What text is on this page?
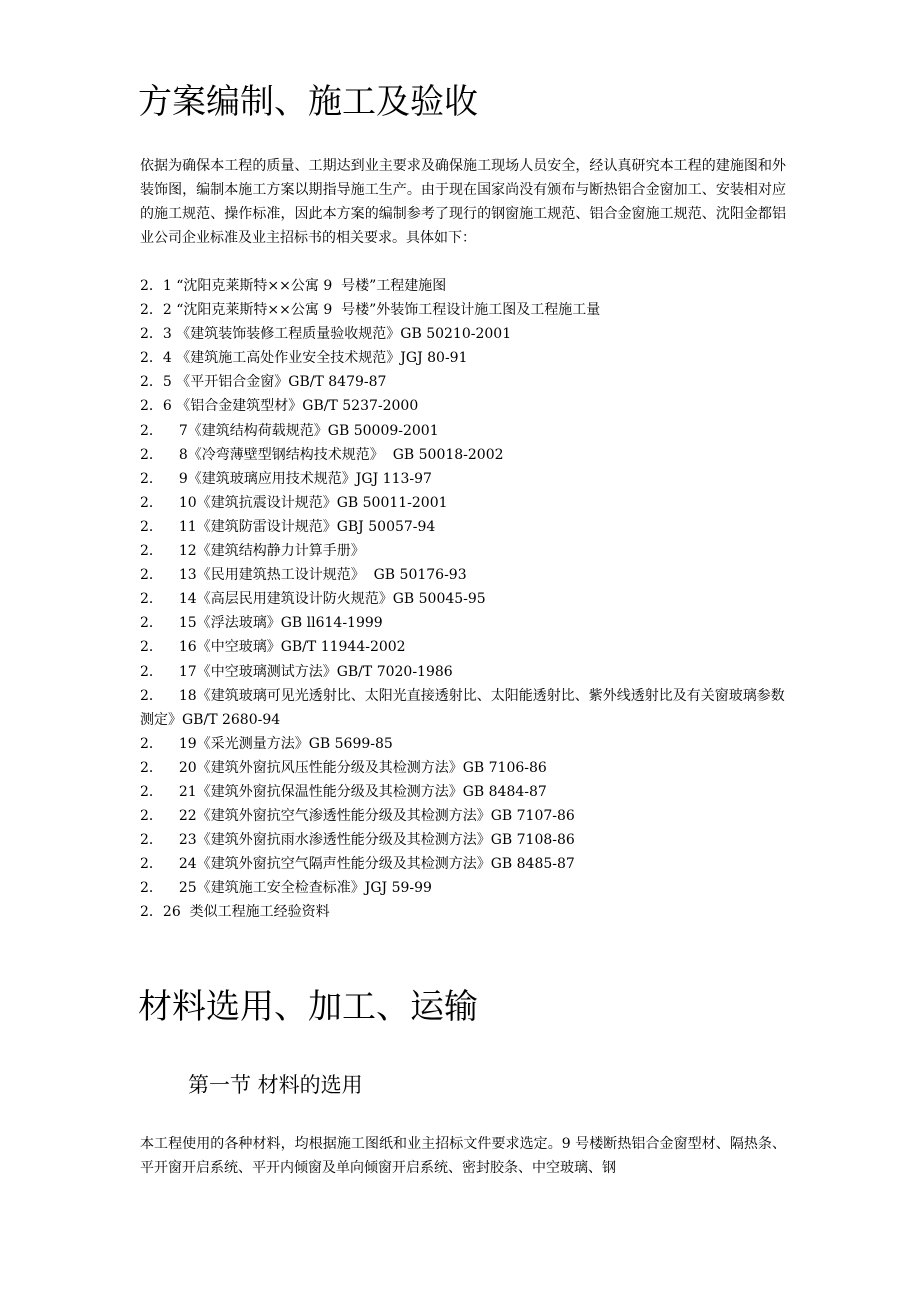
方案编制、施工及验收

依据为确保本工程的质量、工期达到业主要求及确保施工现场人员安全，经认真研究本工程的建施图和外装饰图，编制本施工方案以期指导施工生产。由于现在国家尚没有颁布与断热铝合金窗加工、安装相对应的施工规范、操作标准，因此本方案的编制参考了现行的钢窗施工规范、铝合金窗施工规范、沈阳金都铝业公司企业标准及业主招标书的相关要求。具体如下：

2．1 “沈阳克莱斯特××公寓 9  号楼”工程建施图
2．2 “沈阳克莱斯特××公寓 9  号楼”外装饰工程设计施工图及工程施工量
2．3 《建筑装饰装修工程质量验收规范》GB 50210-2001
2．4 《建筑施工高处作业安全技术规范》JGJ 80-91
2．5 《平开铝合金窗》GB/T 8479-87
2．6 《铝合金建筑型材》GB/T 5237-2000
2．  7《建筑结构荷载规范》GB 50009-2001
2．  8《冷弯薄壁型钢结构技术规范》  GB 50018-2002
2．  9《建筑玻璃应用技术规范》JGJ 113-97
2．  10《建筑抗震设计规范》GB 50011-2001
2．  11《建筑防雷设计规范》GBJ 50057-94
2．  12《建筑结构静力计算手册》
2．  13《民用建筑热工设计规范》  GB 50176-93
2．  14《高层民用建筑设计防火规范》GB 50045-95
2．  15《浮法玻璃》GB ll614-1999
2．  16《中空玻璃》GB/T 11944-2002
2．  17《中空玻璃测试方法》GB/T 7020-1986
2．  18《建筑玻璃可见光透射比、太阳光直接透射比、太阳能透射比、紫外线透射比及有关窗玻璃参数测定》GB/T 2680-94
2．  19《采光测量方法》GB 5699-85
2．  20《建筑外窗抗风压性能分级及其检测方法》GB 7106-86
2．  21《建筑外窗抗保温性能分级及其检测方法》GB 8484-87
2．  22《建筑外窗抗空气渗透性能分级及其检测方法》GB 7107-86
2．  23《建筑外窗抗雨水渗透性能分级及其检测方法》GB 7108-86
2．  24《建筑外窗抗空气隔声性能分级及其检测方法》GB 8485-87
2．  25《建筑施工安全检查标准》JGJ 59-99
2．26  类似工程施工经验资料
材料选用、加工、运输
第一节 材料的选用

本工程使用的各种材料，均根据施工图纸和业主招标文件要求选定。9 号楼断热铝合金窗型材、隔热条、平开窗开启系统、平开内倾窗及单向倾窗开启系统、密封胶条、中空玻璃、钢
